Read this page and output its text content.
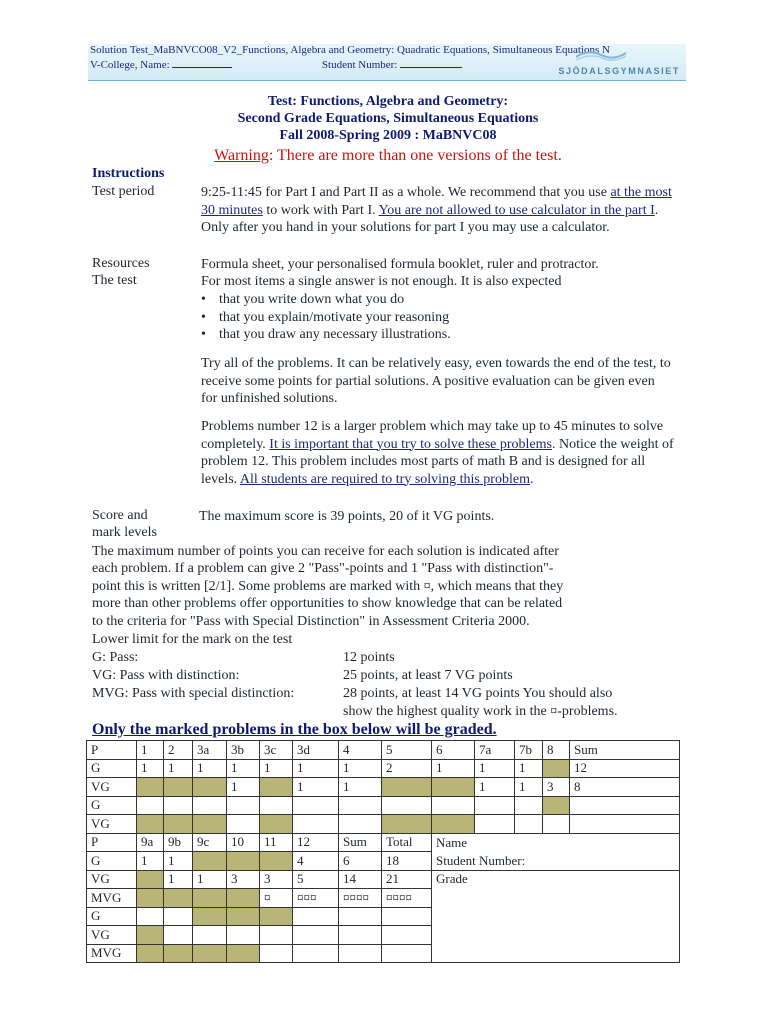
Solution Test_MaBNVCO08_V2_Functions, Algebra and Geometry: Quadratic Equations, Simultaneous Equations N
V-College, Name:	Student Number:	SJÖDALSGYMNASIET
Test: Functions, Algebra and Geometry:
Second Grade Equations, Simultaneous Equations
Fall 2008-Spring 2009 : MaBNVC08
Warning: There are more than one versions of the test.
Instructions
Test period	9:25-11:45 for Part I and Part II as a whole. We recommend that you use at the most 30 minutes to work with Part I. You are not allowed to use calculator in the part I. Only after you hand in your solutions for part I you may use a calculator.
Resources	Formula sheet, your personalised formula booklet, ruler and protractor.
The test	For most items a single answer is not enough. It is also expected
• that you write down what you do
• that you explain/motivate your reasoning
• that you draw any necessary illustrations.
Try all of the problems. It can be relatively easy, even towards the end of the test, to receive some points for partial solutions. A positive evaluation can be given even for unfinished solutions.
Problems number 12 is a larger problem which may take up to 45 minutes to solve completely. It is important that you try to solve these problems. Notice the weight of problem 12. This problem includes most parts of math B and is designed for all levels. All students are required to try solving this problem.
Score and
mark levels
The maximum score is 39 points, 20 of it VG points.
The maximum number of points you can receive for each solution is indicated after
each problem. If a problem can give 2 "Pass"-points and 1 "Pass with distinction"-
point this is written [2/1]. Some problems are marked with ¤, which means that they
more than other problems offer opportunities to show knowledge that can be related
to the criteria for "Pass with Special Distinction" in Assessment Criteria 2000.
Lower limit for the mark on the test
G: Pass:	12 points
VG: Pass with distinction:	25 points, at least 7 VG points
MVG: Pass with special distinction:	28 points, at least 14 VG points You should also
show the highest quality work in the ¤-problems.
Only the marked problems in the box below will be graded.
P	1	2	3a	3b	3c	3d	4	5	6	7a	7b	8	Sum
G	1	1	1	1	1	1	1	2	1	1	1		12
VG				1		1	1			1	1	3	8
G													
VG													
P	9a	9b	9c	10	11	12	Sum	Total	Name				
G	1	1				4	6	18	Student Number:				
VG		1	1	3	3	5	14	21	Grade				
MVG					¤	¤¤¤	¤¤¤¤	¤¤¤¤					
G													
VG													
MVG													
